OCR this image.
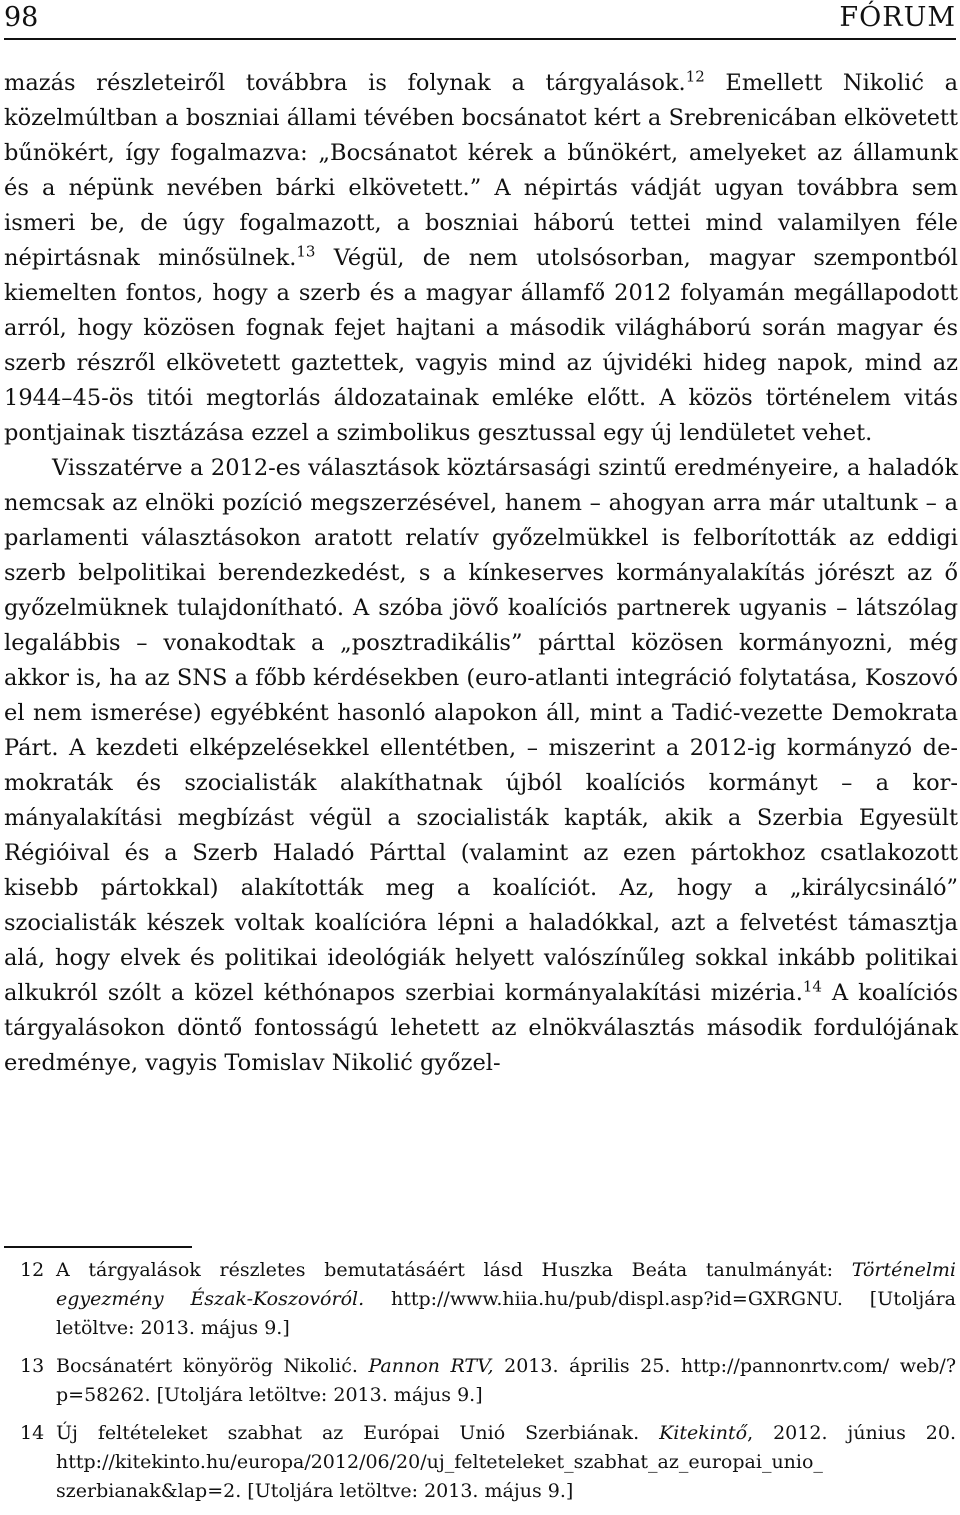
98	FÓRUM

mazás részleteiről továbbra is folynak a tárgyalások.$^{12}$ Emellett Nikolić a közelmúltban a boszniai állami tévében bocsánatot kért a Srebrenicában elkövetett bűnökért, így fogalmazva: „Bocsánatot kérek a bűnökért, amelyeket az államunk és a népünk nevében bárki elkövetett.” A népirtás vádját ugyan továbbra sem ismeri be, de úgy fogalmazott, a boszniai háború tettei mind valamilyen féle népirtásnak minősülnek.$^{13}$ Végül, de nem utolsósorban, magyar szempontból kiemelten fontos, hogy a szerb és a magyar államfő 2012 folyamán megállapodott arról, hogy közösen fognak fejet hajtani a második világháború során magyar és szerb részről elkövetett gaztettek, vagyis mind az újvidéki hideg napok, mind az 1944–45-ös titói megtorlás áldozatainak emléke előtt. A közös történelem vitás pontjainak tisztázása ezzel a szimbolikus gesztussal egy új lendületet vehet.

Visszatérve a 2012-es választások köztársasági szintű eredményeire, a haladók nemcsak az elnöki pozíció megszerzésével, hanem – ahogyan arra már utaltunk – a parlamenti választásokon aratott relatív győzelmükkel is felborították az eddigi szerb belpolitikai berendezkedést, s a kínkeserves kormányalakítás jórészt az ő győzelmüknek tulajdonítható. A szóba jövő koalíciós partnerek ugyanis – látszólag legalábbis – vonakodtak a „posztradikális” párttal közösen kormányozni, még akkor is, ha az SNS a főbb kérdésekben (euro-atlanti integráció folytatása, Koszovó el nem ismerése) egyébként hasonló alapokon áll, mint a Tadić-vezette Demokrata Párt. A kezdeti elképzelésekkel ellentétben, – miszerint a 2012-ig kormányzó demokraták és szocialisták alakíthatnak újból koalíciós kormányt – a kormányalakítási megbízást végül a szocialisták kapták, akik a Szerbia Egyesült Régióival és a Szerb Haladó Párttal (valamint az ezen pártokhoz csatlakozott kisebb pártokkal) alakították meg a koalíciót. Az, hogy a „királycsináló” szocialisták készek voltak koalícióra lépni a haladókkal, azt a felvetést támasztja alá, hogy elvek és politikai ideológiák helyett valószínűleg sokkal inkább politikai alkukról szólt a közel kéthónapos szerbiai kormányalakítási mizéria.$^{14}$ A koalíciós tárgyalásokon döntő fontosságú lehetett az elnökválasztás második fordulójának eredménye, vagyis Tomislav Nikolić győzel-

12 A tárgyalások részletes bemutatásáért lásd Huszka Beáta tanulmányát: Történelmi egyezmény Észak-Koszovóról. http://www.hiia.hu/pub/displ.asp?id=GXRGNU. [Utoljára letöltve: 2013. május 9.]
13 Bocsánatért könyörög Nikolić. Pannon RTV, 2013. április 25. http://pannonrtv.com/ web/?p=58262. [Utoljára letöltve: 2013. május 9.]
14 Új feltételeket szabhat az Európai Unió Szerbiának. Kitekintő, 2012. június 20. http://kitekinto.hu/europa/2012/06/20/uj_felteteleket_szabhat_az_europai_unio_ szerbianak&lap=2. [Utoljára letöltve: 2013. május 9.]
